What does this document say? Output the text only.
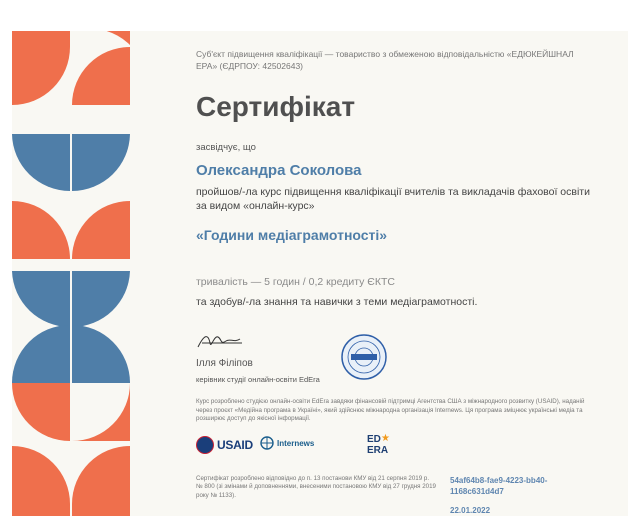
Суб'єкт підвищення кваліфікації — товариство з обмеженою відповідальністю «ЕДЮКЕЙШНАЛ ЕРА» (ЄДРПОУ: 42502643)
Сертифікат
засвідчує, що
Олександра Соколова
пройшов/-ла курс підвищення кваліфікації вчителів та викладачів фахової освіти за видом «онлайн-курс»
«Години медіаграмотності»
тривалість — 5 годин / 0,2 кредиту ЄКТС
та здобув/-ла знання та навички з теми медіаграмотності.
Ілля Філіпов
керівник студії онлайн-освіти EdEra
Курс розроблено студією онлайн-освіти EdEra завдяки фінансовій підтримці Агентства США з міжнародного розвитку (USAID), наданій через проєкт «Медійна програма в Україні», який здійснює міжнародна організація Internews. Ця програма зміцнює українські медіа та розширює доступ до якісної інформації.
USAID	Internews	ED ★
ERA
Сертифікат розроблено відповідно до п. 13 постанови КМУ від 21 серпня 2019 р. № 800 (зі змінами й доповненнями, внесеними постановою КМУ від 27 грудня 2019 року № 1133).
54af64b8-fae9-4223-bb40-1168c631d4d7
22.01.2022
